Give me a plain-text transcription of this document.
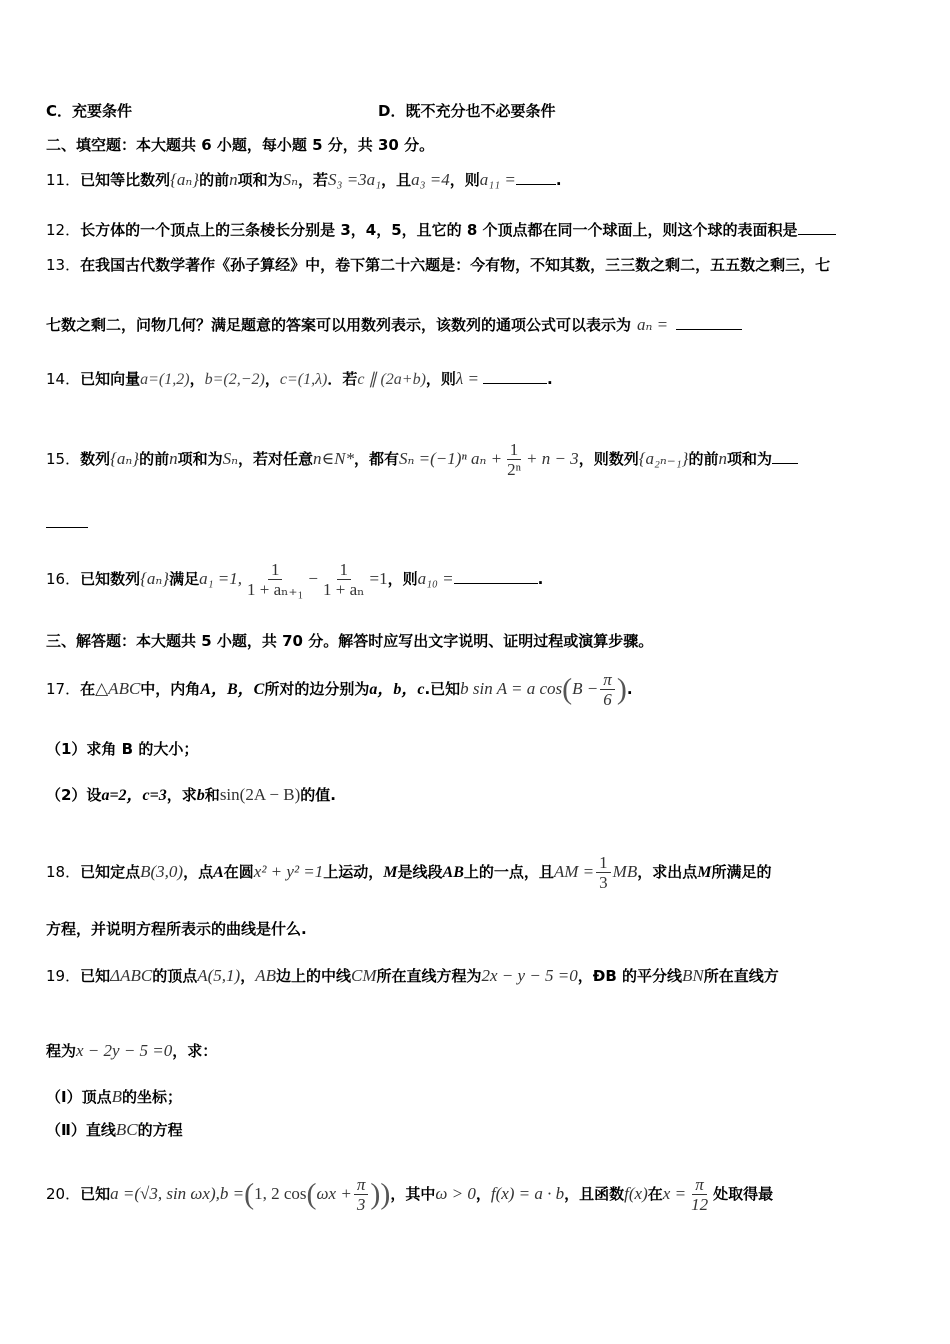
C．充要条件	D．既不充分也不必要条件
二、填空题：本大题共 6 小题，每小题 5 分，共 30 分。
11．已知等比数列{aₙ}的前n项和为Sₙ，若S₃ =3a₁，且a₃ =4，则a₁₁ =	.
12．长方体的一个顶点上的三条棱长分别是 3，4，5，且它的 8 个顶点都在同一个球面上，则这个球的表面积是
13．在我国古代数学著作《孙子算经》中，卷下第二十六题是：今有物，不知其数，三三数之剩二，五五数之剩三，七
七数之剩二，问物几何？满足题意的答案可以用数列表示，该数列的通项公式可以表示为 aₙ =
14．已知向量a=(1,2)，b=(2,−2)，c=(1,λ)．若c ∥ (2a+b)，则λ =	.
15．数列{aₙ}的前n项和为Sₙ，若对任意n∈N*，都有Sₙ =(−1)ⁿ $a_n + \frac{1}{\text{2ⁿ}} + n - 3$，则数列{a₂ₙ₋₁}的前n项和为
16．已知数列{aₙ}满足a₁ =1, $\frac{1}{\text{1 + aₙ₊₁}} - \frac{1}{\text{1 + aₙ}} =1$，则a₁₀ =	.
三、解答题：本大题共 5 小题，共 70 分。解答时应写出文字说明、证明过程或演算步骤。
17．在△ABC中，内角A，B，C所对的边分别为a，b，c.已知b sin A = a $\cos(B - \frac{\pi}{6}$ ).
（1）求角 B 的大小；
（2）设a=2，c=3，求b和sin(2A − B)的值.
18．已知定点B(3,0)，点A在圆x² + y² =1上运动，M是线段AB上的一点，且AM = $\frac{1}{3}$ MB，求出点M所满足的
方程，并说明方程所表示的曲线是什么.
19．已知ΔABC的顶点A(5,1)，AB边上的中线CM所在直线方程为2x − y − 5 =0，ÐB 的平分线BN所在直线方
程为x − 2y − 5 =0，求：
（Ⅰ）顶点B的坐标；
（Ⅱ）直线BC的方程
20．已知a =(√3, sin ωx),b =(1, 2 $\cos(\omega x + \frac{\pi}{3}$ ))，其中ω > 0，f(x) = a · b，且函数f(x)在$x = \frac{\pi}{12}$ 处取得最
